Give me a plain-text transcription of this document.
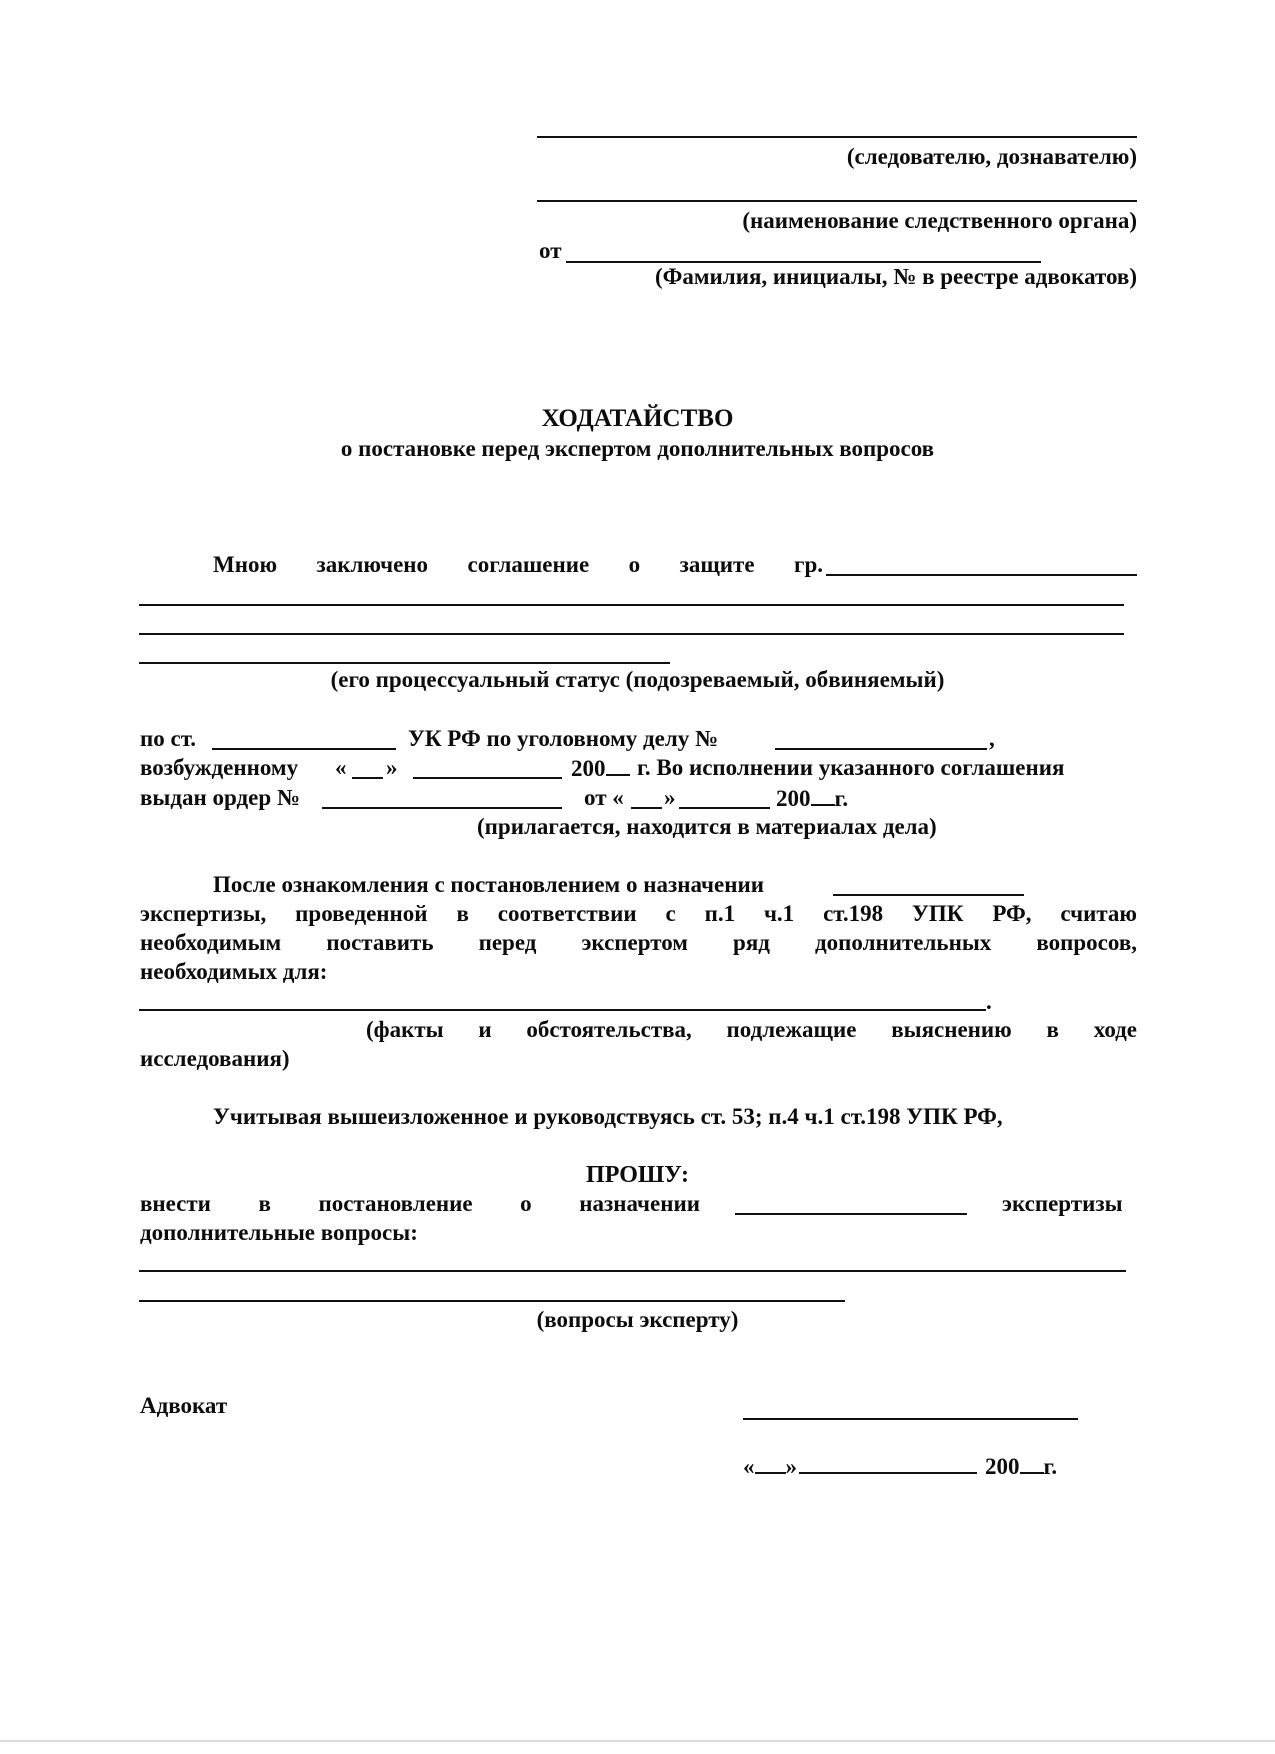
(следователю, дознавателю)
(наименование следственного органа)
от
(Фамилия, инициалы, № в реестре адвокатов)
ХОДАТАЙСТВО
о постановке перед экспертом дополнительных вопросов
Мною заключено соглашение о защите гр.
(его процессуальный статус (подозреваемый, обвиняемый)
по ст.	УК РФ по уголовному делу №	,
возбужденному « »	200	г. Во исполнении указанного соглашения
выдан ордер №	от « »	200 г.
(прилагается, находится в материалах дела)
После ознакомления с постановлением о назначении
экспертизы, проведенной в соответствии с п.1 ч.1 ст.198 УПК РФ, считаю
необходимым поставить перед экспертом ряд дополнительных вопросов,
необходимых для:
.
(факты и обстоятельства, подлежащие выяснению в ходе
исследования)
Учитывая вышеизложенное и руководствуясь ст. 53; п.4 ч.1 ст.198 УПК РФ,
ПРОШУ:
внести в постановление о назначении	экспертизы
дополнительные вопросы:
(вопросы эксперту)
Адвокат
« »	200 г.
